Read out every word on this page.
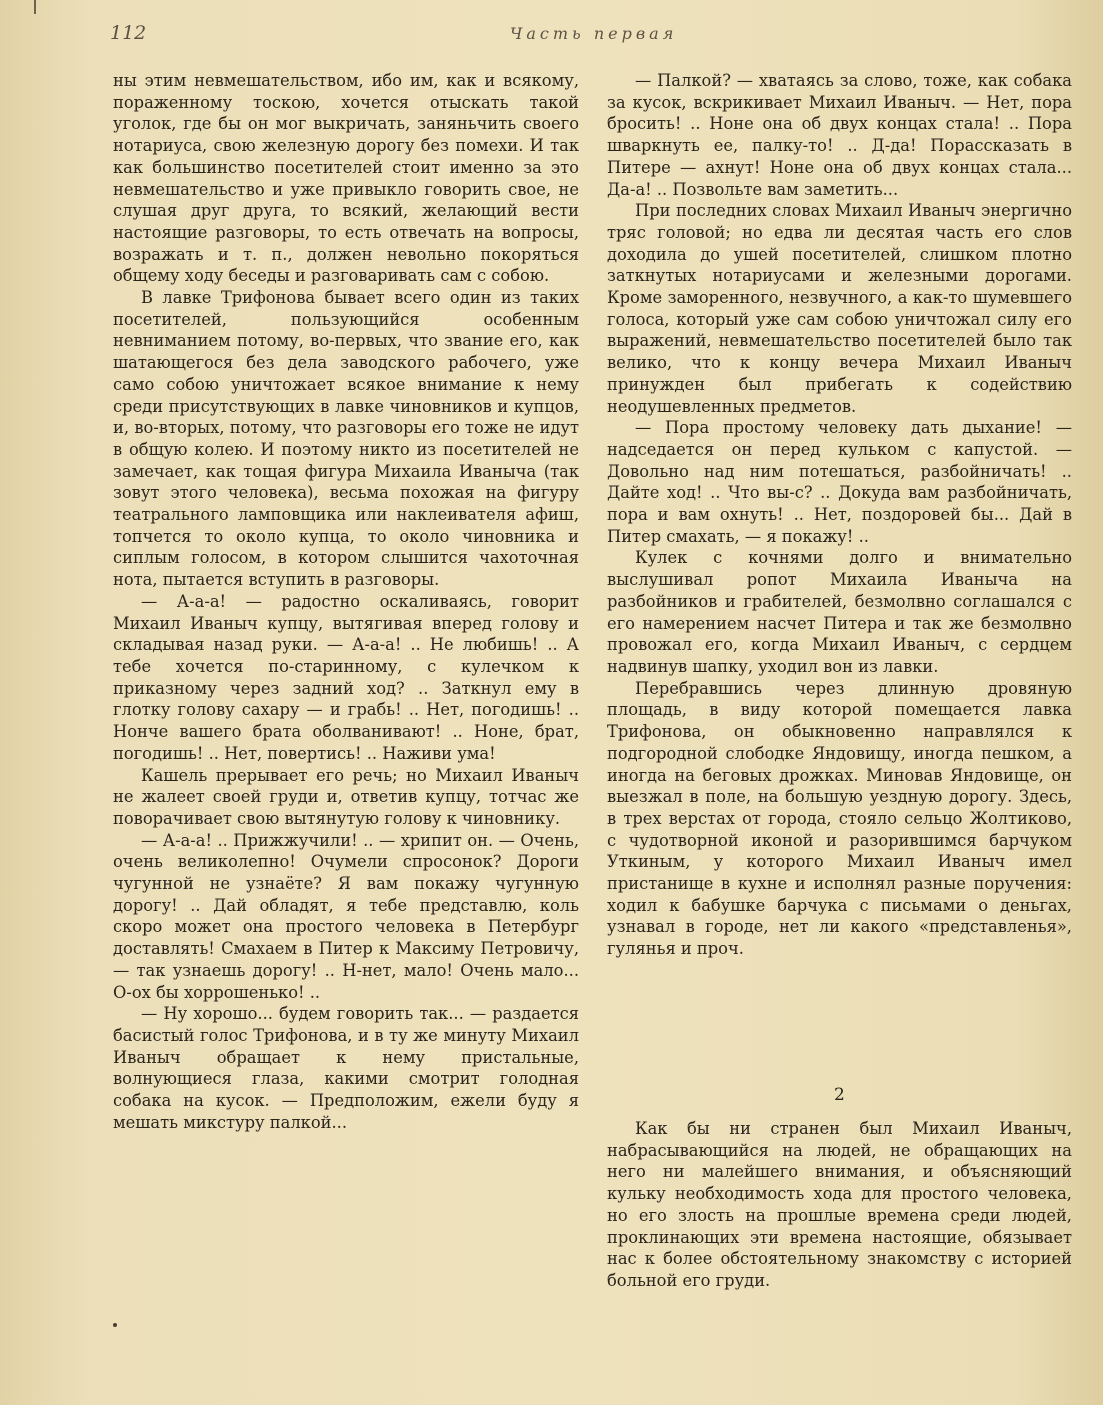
112	Часть первая

ны этим невмешательством, ибо им, как и всякому, пораженному тоскою, хочется отыскать такой уголок, где бы он мог выкричать, заняньчить своего нотариуса, свою железную дорогу без помехи. И так как большинство посетителей стоит именно за это невмешательство и уже привыкло говорить свое, не слушая друг друга, то всякий, желающий вести настоящие разговоры, то есть отвечать на вопросы, возражать и т. п., должен невольно покоряться общему ходу беседы и разговаривать сам с собою.

В лавке Трифонова бывает всего один из таких посетителей, пользующийся особенным невниманием потому, во-первых, что звание его, как шатающегося без дела заводского рабочего, уже само собою уничтожает всякое внимание к нему среди присутствующих в лавке чиновников и купцов, и, во-вторых, потому, что разговоры его тоже не идут в общую колею. И поэтому никто из посетителей не замечает, как тощая фигура Михаила Иваныча (так зовут этого человека), весьма похожая на фигуру театрального ламповщика или наклеивателя афиш, топчется то около купца, то около чиновника и сиплым голосом, в котором слышится чахоточная нота, пытается вступить в разговоры.

— А-а-а! — радостно оскаливаясь, говорит Михаил Иваныч купцу, вытягивая вперед голову и складывая назад руки. — А-а-а! .. Не любишь! .. А тебе хочется по-старинному, с кулечком к приказному через задний ход? .. Заткнул ему в глотку голову сахару — и грабь! .. Нет, погодишь! .. Нонче вашего брата оболванивают! .. Ноне, брат, погодишь! .. Нет, повертись! .. Наживи ума!

Кашель прерывает его речь; но Михаил Иваныч не жалеет своей груди и, ответив купцу, тотчас же поворачивает свою вытянутую голову к чиновнику.

— А-а-а! .. Прижжучили! .. — хрипит он. — Очень, очень великолепно! Очумели спросонок? Дороги чугунной не узнаёте? Я вам покажу чугунную дорогу! .. Дай обладят, я тебе представлю, коль скоро может она простого человека в Петербург доставлять! Смахаем в Питер к Максиму Петровичу, — так узнаешь дорогу! .. Н-нет, мало! Очень мало... О-ох бы хоррошенько! ..

— Ну хорошо... будем говорить так... — раздается басистый голос Трифонова, и в ту же минуту Михаил Иваныч обращает к нему пристальные, волнующиеся глаза, какими смотрит голодная собака на кусок. — Предположим, ежели буду я мешать микстуру палкой...

— Палкой? — хватаясь за слово, тоже, как собака за кусок, вскрикивает Михаил Иваныч. — Нет, пора бросить! .. Ноне она об двух концах стала! .. Пора шваркнуть ее, палку-то! .. Д-да! Порассказать в Питере — ахнут! Ноне она об двух концах стала... Да-а! .. Позвольте вам заметить...

При последних словах Михаил Иваныч энергично тряс головой; но едва ли десятая часть его слов доходила до ушей посетителей, слишком плотно заткнутых нотариусами и железными дорогами. Кроме заморенного, незвучного, а как-то шумевшего голоса, который уже сам собою уничтожал силу его выражений, невмешательство посетителей было так велико, что к концу вечера Михаил Иваныч принужден был прибегать к содействию неодушевленных предметов.

— Пора простому человеку дать дыхание! — надседается он перед кульком с капустой. — Довольно над ним потешаться, разбойничать! .. Дайте ход! .. Что вы-с? .. Докуда вам разбойничать, пора и вам охнуть! .. Нет, поздоровей бы... Дай в Питер смахать, — я покажу! ..

Кулек с кочнями долго и внимательно выслушивал ропот Михаила Иваныча на разбойников и грабителей, безмолвно соглашался с его намерением насчет Питера и так же безмолвно провожал его, когда Михаил Иваныч, с сердцем надвинув шапку, уходил вон из лавки.

Перебравшись через длинную дровяную площадь, в виду которой помещается лавка Трифонова, он обыкновенно направлялся к подгородной слободке Яндовищу, иногда пешком, а иногда на беговых дрожках. Миновав Яндовище, он выезжал в поле, на большую уездную дорогу. Здесь, в трех верстах от города, стояло сельцо Жолтиково, с чудотворной иконой и разорившимся барчуком Уткиным, у которого Михаил Иваныч имел пристанище в кухне и исполнял разные поручения: ходил к бабушке барчука с письмами о деньгах, узнавал в городе, нет ли какого «представленья», гулянья и проч.

2

Как бы ни странен был Михаил Иваныч, набрасывающийся на людей, не обращающих на него ни малейшего внимания, и объясняющий кульку необходимость хода для простого человека, но его злость на прошлые времена среди людей, проклинающих эти времена настоящие, обязывает нас к более обстоятельному знакомству с историей больной его груди.
